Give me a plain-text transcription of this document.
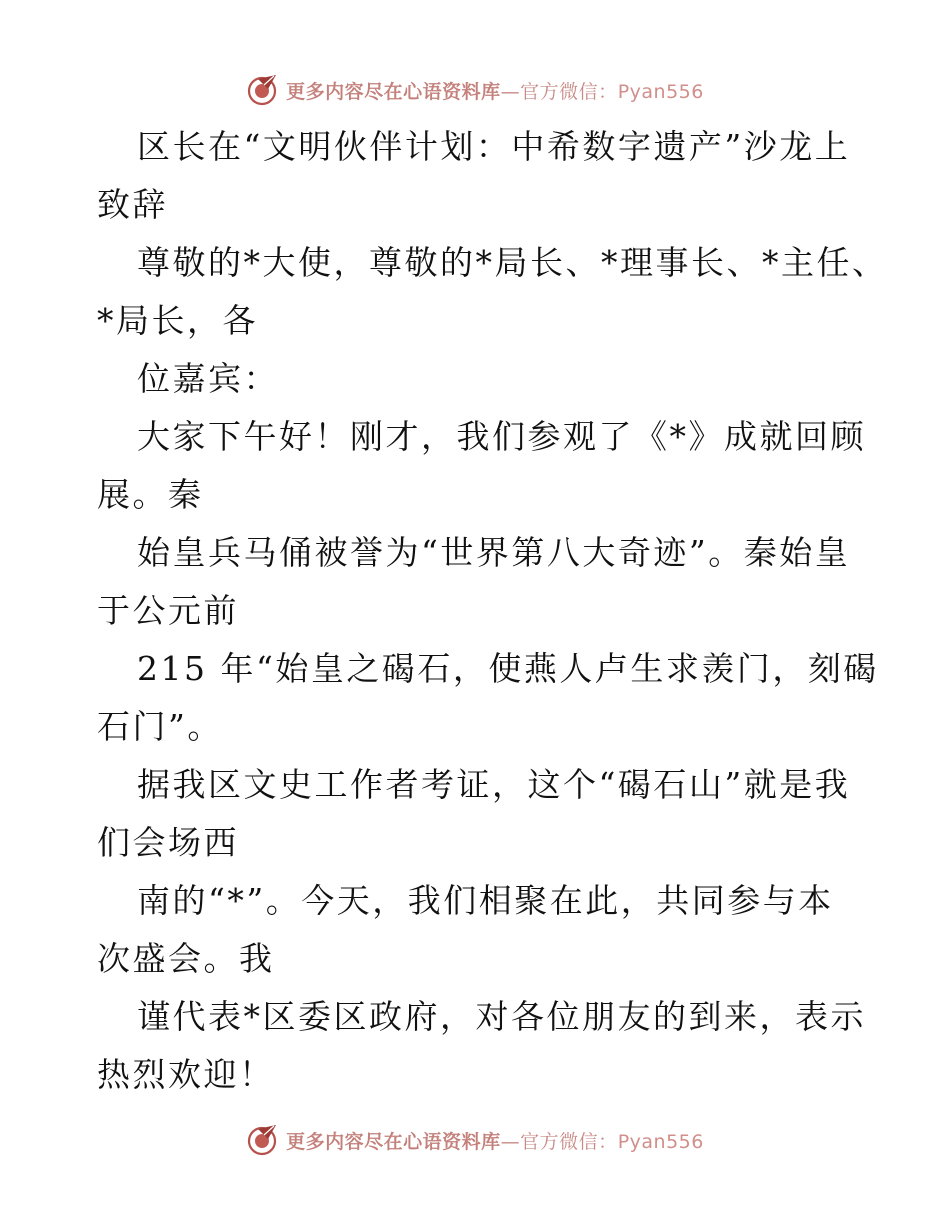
更多内容尽在心语资料库—官方微信：Pyan556

区长在“文明伙伴计划：中希数字遗产”沙龙上
致辞

尊敬的*大使，尊敬的*局长、*理事长、*主任、
*局长，各

位嘉宾：

大家下午好！刚才，我们参观了《*》成就回顾
展。秦

始皇兵马俑被誉为“世界第八大奇迹”。秦始皇
于公元前

215 年“始皇之碣石，使燕人卢生求羡门，刻碣
石门”。

据我区文史工作者考证，这个“碣石山”就是我
们会场西

南的“*”。今天，我们相聚在此，共同参与本
次盛会。我

谨代表*区委区政府，对各位朋友的到来，表示
热烈欢迎！

更多内容尽在心语资料库—官方微信：Pyan556
